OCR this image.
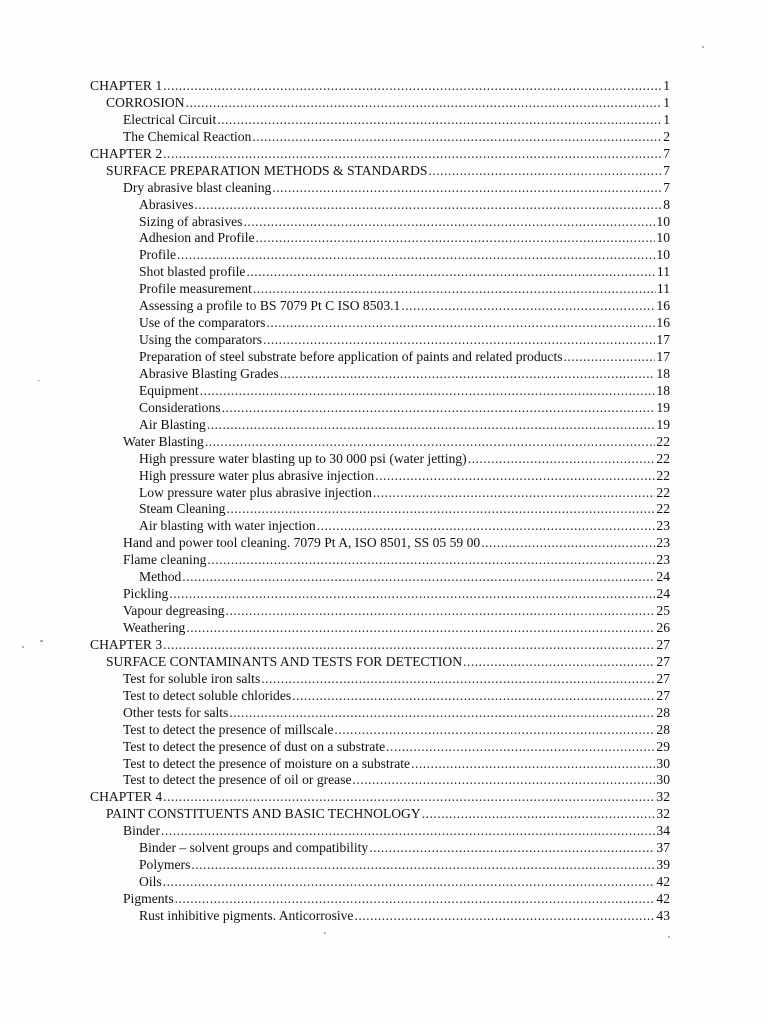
CHAPTER 1 .....	1
CORROSION .....	1
Electrical Circuit .....	1
The Chemical Reaction .....	2
CHAPTER 2 .....	7
SURFACE PREPARATION METHODS & STANDARDS .....	7
Dry abrasive blast cleaning .....	7
Abrasives .....	8
Sizing of abrasives .....	10
Adhesion and Profile .....	10
Profile .....	10
Shot blasted profile .....	11
Profile measurement .....	11
Assessing a profile to BS 7079 Pt C ISO 8503.1 .....	16
Use of the comparators .....	16
Using the comparators .....	17
Preparation of steel substrate before application of paints and related products .....	17
Abrasive Blasting Grades .....	18
Equipment .....	18
Considerations .....	19
Air Blasting .....	19
Water Blasting .....	22
High pressure water blasting up to 30 000 psi (water jetting) .....	22
High pressure water plus abrasive injection .....	22
Low pressure water plus abrasive injection .....	22
Steam Cleaning .....	22
Air blasting with water injection .....	23
Hand and power tool cleaning. 7079 Pt A, ISO 8501, SS 05 59 00 .....	23
Flame cleaning .....	23
Method .....	24
Pickling .....	24
Vapour degreasing .....	25
Weathering .....	26
CHAPTER 3 .....	27
SURFACE CONTAMINANTS AND TESTS FOR DETECTION .....	27
Test for soluble iron salts .....	27
Test to detect soluble chlorides .....	27
Other tests for salts .....	28
Test to detect the presence of millscale .....	28
Test to detect the presence of dust on a substrate .....	29
Test to detect the presence of moisture on a substrate .....	30
Test to detect the presence of oil or grease .....	30
CHAPTER 4 .....	32
PAINT CONSTITUENTS AND BASIC TECHNOLOGY .....	32
Binder .....	34
Binder – solvent groups and compatibility .....	37
Polymers .....	39
Oils .....	42
Pigments .....	42
Rust inhibitive pigments. Anticorrosive .....	43
